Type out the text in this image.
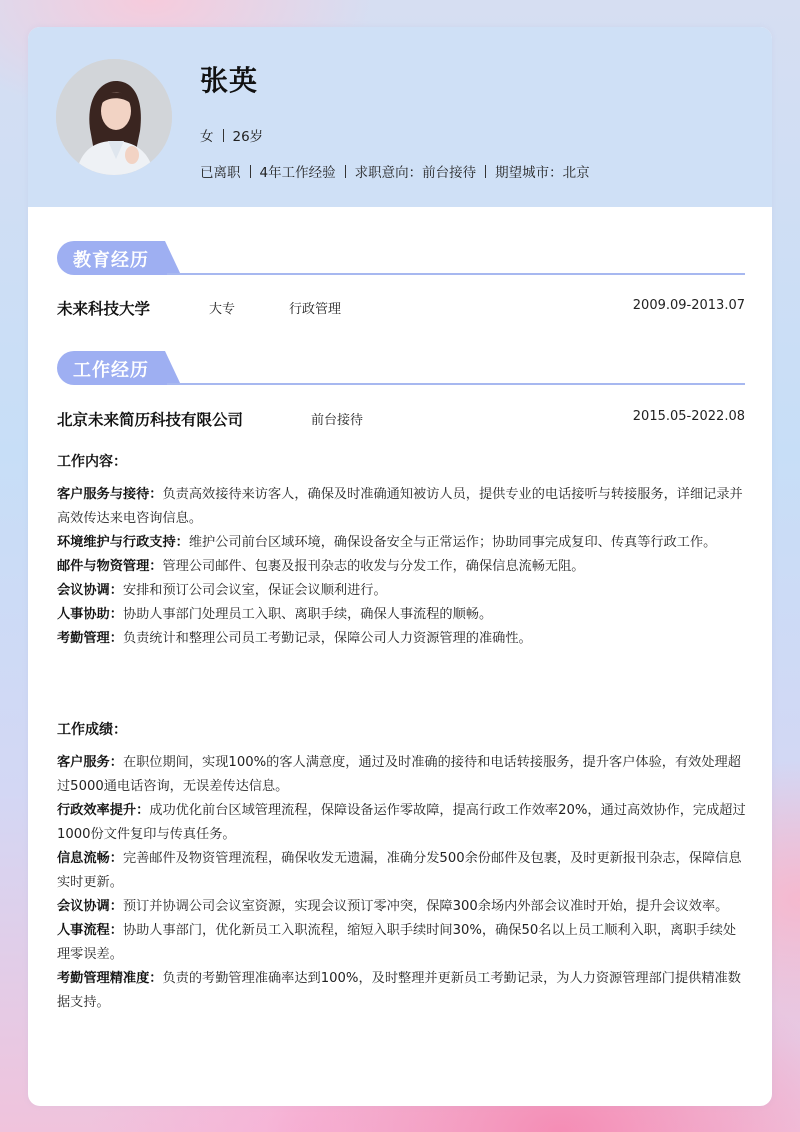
张英
女 26岁
已离职 4年工作经验 求职意向：前台接待 期望城市：北京
教育经历
未来科技大学	大专	行政管理	2009.09-2013.07
工作经历
北京未来简历科技有限公司	前台接待	2015.05-2022.08
工作内容：

客户服务与接待：负责高效接待来访客人，确保及时准确通知被访人员，提供专业的电话接听与转接服务，详细记录并高效传达来电咨询信息。

环境维护与行政支持：维护公司前台区域环境，确保设备安全与正常运作；协助同事完成复印、传真等行政工作。

邮件与物资管理：管理公司邮件、包裹及报刊杂志的收发与分发工作，确保信息流畅无阻。

会议协调：安排和预订公司会议室，保证会议顺利进行。

人事协助：协助人事部门处理员工入职、离职手续，确保人事流程的顺畅。

考勤管理：负责统计和整理公司员工考勤记录，保障公司人力资源管理的准确性。

工作成绩：

客户服务：在职位期间，实现100%的客人满意度，通过及时准确的接待和电话转接服务，提升客户体验，有效处理超过5000通电话咨询，无误差传达信息。

行政效率提升：成功优化前台区域管理流程，保障设备运作零故障，提高行政工作效率20%，通过高效协作，完成超过1000份文件复印与传真任务。

信息流畅：完善邮件及物资管理流程，确保收发无遗漏，准确分发500余份邮件及包裹，及时更新报刊杂志，保障信息实时更新。

会议协调：预订并协调公司会议室资源，实现会议预订零冲突，保障300余场内外部会议准时开始，提升会议效率。

人事流程：协助人事部门，优化新员工入职流程，缩短入职手续时间30%，确保50名以上员工顺利入职，离职手续处理零误差。

考勤管理精准度：负责的考勤管理准确率达到100%，及时整理并更新员工考勤记录，为人力资源管理部门提供精准数据支持。
